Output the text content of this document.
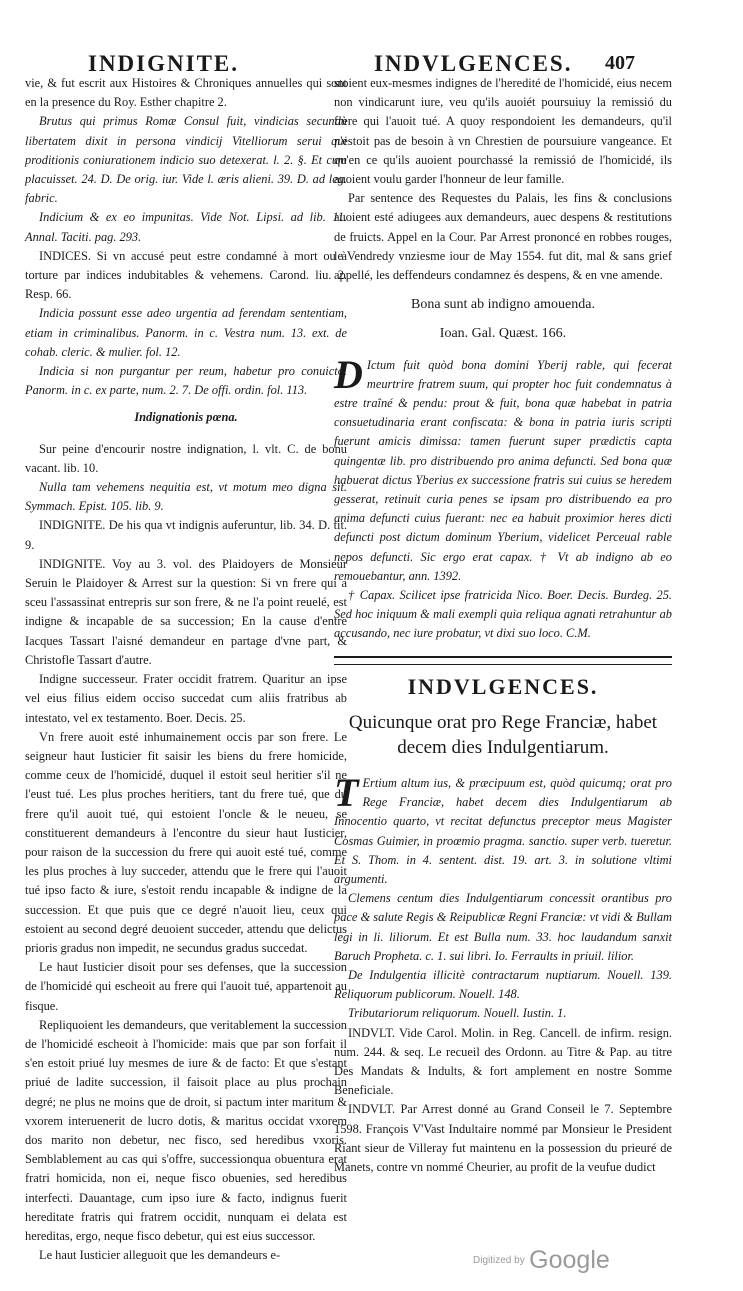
INDIGNITE.	INDVLGENCES. 407

vie, & fut escrit aux Histoires & Chroniques annuelles qui sont en la presence du Roy. Esther chapitre 2.

Brutus qui primus Romæ Consul fuit, vindicias secundù libertatem dixit in persona vindicij Vitelliorum serui qui proditionis coniurationem indicio suo detexerat. l. 2. §. Et cum placuisset. 24. D. De orig. iur. Vide l. æris alieni. 39. D. ad leg. fabric.

Indicium & ex eo impunitas. Vide Not. Lipsi. ad lib. 11. Annal. Taciti. pag. 293.

INDICES. Si vn accusé peut estre condamné à mort ou à torture par indices indubitables & vehemens. Carond. liu. 2. Resp. 66.

Indicia possunt esse adeo urgentia ad ferendam sententiam, etiam in criminalibus. Panorm. in c. Vestra num. 13. ext. de cohab. cleric. & mulier. fol. 12.

Indicia si non purgantur per reum, habetur pro conuicto. Panorm. in c. ex parte, num. 2. 7. De offi. ordin. fol. 113.

Indignationis pœna.

Sur peine d'encourir nostre indignation, l. vlt. C. de bonu vacant. lib. 10.

Nulla tam vehemens nequitia est, vt motum meo digna sit. Symmach. Epist. 105. lib. 9.

INDIGNITE. De his qua vt indignis auferuntur, lib. 34. D. tit. 9.

INDIGNITE. Voy au 3. vol. des Plaidoyers de Monsieur Seruin le Plaidoyer & Arrest sur la question: Si vn frere qui a sceu l'assassinat entrepris sur son frere, & ne l'a point reuelé, est indigne & incapable de sa succession; En la cause d'entre Iacques Tassart l'aisné demandeur en partage d'vne part, & Christofle Tassart d'autre.

Indigne successeur. Frater occidit fratrem. Quaritur an ipse vel eius filius eidem occiso succedat cum aliis fratribus ab intestato, vel ex testamento. Boer. Decis. 25.

Vn frere auoit esté inhumainement occis par son frere. Le seigneur haut Iusticier fit saisir les biens du frere homicide, comme ceux de l'homicidé, duquel il estoit seul heritier s'il ne l'eust tué. Les plus proches heritiers, tant du frere tué, que du frere qu'il auoit tué, qui estoient l'oncle & le neueu, se constituerent demandeurs à l'encontre du sieur haut Iusticier, pour raison de la succession du frere qui auoit esté tué, comme les plus proches à luy succeder, attendu que le frere qui l'auoit tué ipso facto & iure, s'estoit rendu incapable & indigne de la succession. Et que puis que ce degré n'auoit lieu, ceux qui estoient au second degré deuoient succeder, attendu que delictus prioris gradus non impedit, ne secundus gradus succedat.

Le haut Iusticier disoit pour ses defenses, que la succession de l'homicidé qui escheoit au frere qui l'auoit tué, appartenoit au fisque.

Repliquoient les demandeurs, que veritablement la succession de l'homicidé escheoit à l'homicide: mais que par son forfait il s'en estoit priué luy mesmes de iure & de facto: Et que s'estant priué de ladite succession, il faisoit place au plus prochain degré; ne plus ne moins que de droit, si pactum inter maritum & vxorem interuenerit de lucro dotis, & maritus occidat vxorem dos marito non debetur, nec fisco, sed heredibus vxoris. Semblablement au cas qui s'offre, successionqua obuentura erat fratri homicida, non ei, neque fisco obuenies, sed heredibus interfecti. Dauantage, cum ipso iure & facto, indignus fuerit hereditate fratris qui fratrem occidit, nunquam ei delata est hereditas, ergo, neque fisco debetur, qui est eius successor.

Le haut Iusticier alleguoit que les demandeurs e-

stoient eux-mesmes indignes de l'heredité de l'homicidé, eius necem non vindicarunt iure, veu qu'ils auoiét poursuiuy la remissió du frere qui l'auoit tué. A quoy respondoient les demandeurs, qu'il n'estoit pas de besoin à vn Chrestien de poursuiure vangeance. Et qu'en ce qu'ils auoient pourchassé la remissió de l'homicidé, ils auoient voulu garder l'honneur de leur famille.

Par sentence des Requestes du Palais, les fins & conclusions auoient esté adiugees aux demandeurs, auec despens & restitutions de fruicts. Appel en la Cour. Par Arrest prononcé en robbes rouges, le Vendredy vnziesme iour de May 1554. fut dit, mal & sans grief appellé, les deffendeurs condamnez és despens, & en vne amende.

Bona sunt ab indigno amouenda.

Ioan. Gal. Quæst. 166.

D Ictum fuit quòd bona domini Yberij rable, qui fecerat meurtrire fratrem suum, qui propter hoc fuit condemnatus à estre traîné & pendu: prout & fuit, bona quæ habebat in patria consuetudinaria erant confiscata: & bona in patria iuris scripti fuerunt amicis dimissa: tamen fuerunt super prædictis capta quingentæ lib. pro distribuendo pro anima defuncti. Sed bona quæ habuerat dictus Yberius ex successione fratris sui cuius se heredem gesserat, retinuit curia penes se ipsam pro distribuendo ea pro anima defuncti cuius fuerant: nec ea habuit proximior heres dicti defuncti post dictum dominum Yberium, videlicet Perceual rable nepos defuncti. Sic ergo erat capax. † Vt ab indigno ab eo remouebantur, ann. 1392.

† Capax. Scilicet ipse fratricida Nico. Boer. Decis. Burdeg. 25. Sed hoc iniquum & mali exempli quia reliqua agnati retrahuntur ab accusando, nec iure probatur, vt dixi suo loco. C.M.

INDVLGENCES.

Quicunque orat pro Rege Franciæ, habet decem dies Indulgentiarum.

T Ertium altum ius, & præcipuum est, quòd quicumq; orat pro Rege Franciæ, habet decem dies Indulgentiarum ab Innocentio quarto, vt recitat defunctus preceptor meus Magister Cosmas Guimier, in proœmio pragma. sanctio. super verb. tueretur. Et S. Thom. in 4. sentent. dist. 19. art. 3. in solutione vltimi argumenti.

Clemens centum dies Indulgentiarum concessit orantibus pro pace & salute Regis & Reipublicæ Regni Franciæ: vt vidi & Bullam legi in li. liliorum. Et est Bulla num. 33. hoc laudandum sanxit Baruch Propheta. c. 1. sui libri. Io. Ferraults in priuil. lilior.

De Indulgentia illicitè contractarum nuptiarum. Nouell. 139. Reliquorum publicorum. Nouell. 148.

Tributariorum reliquorum. Nouell. Iustin. 1.

INDVLT. Vide Carol. Molin. in Reg. Cancell. de infirm. resign. num. 244. & seq. Le recueil des Ordonn. au Titre & Pap. au titre Des Mandats & Indults, & fort amplement en nostre Somme Beneficiale.

INDVLT. Par Arrest donné au Grand Conseil le 7. Septembre 1598. François V'Vast Indultaire nommé par Monsieur le President Riant sieur de Villeray fut maintenu en la possession du prieuré de Manets, contre vn nommé Cheurier, au profit de la veufue dudict

Digitized by Google
